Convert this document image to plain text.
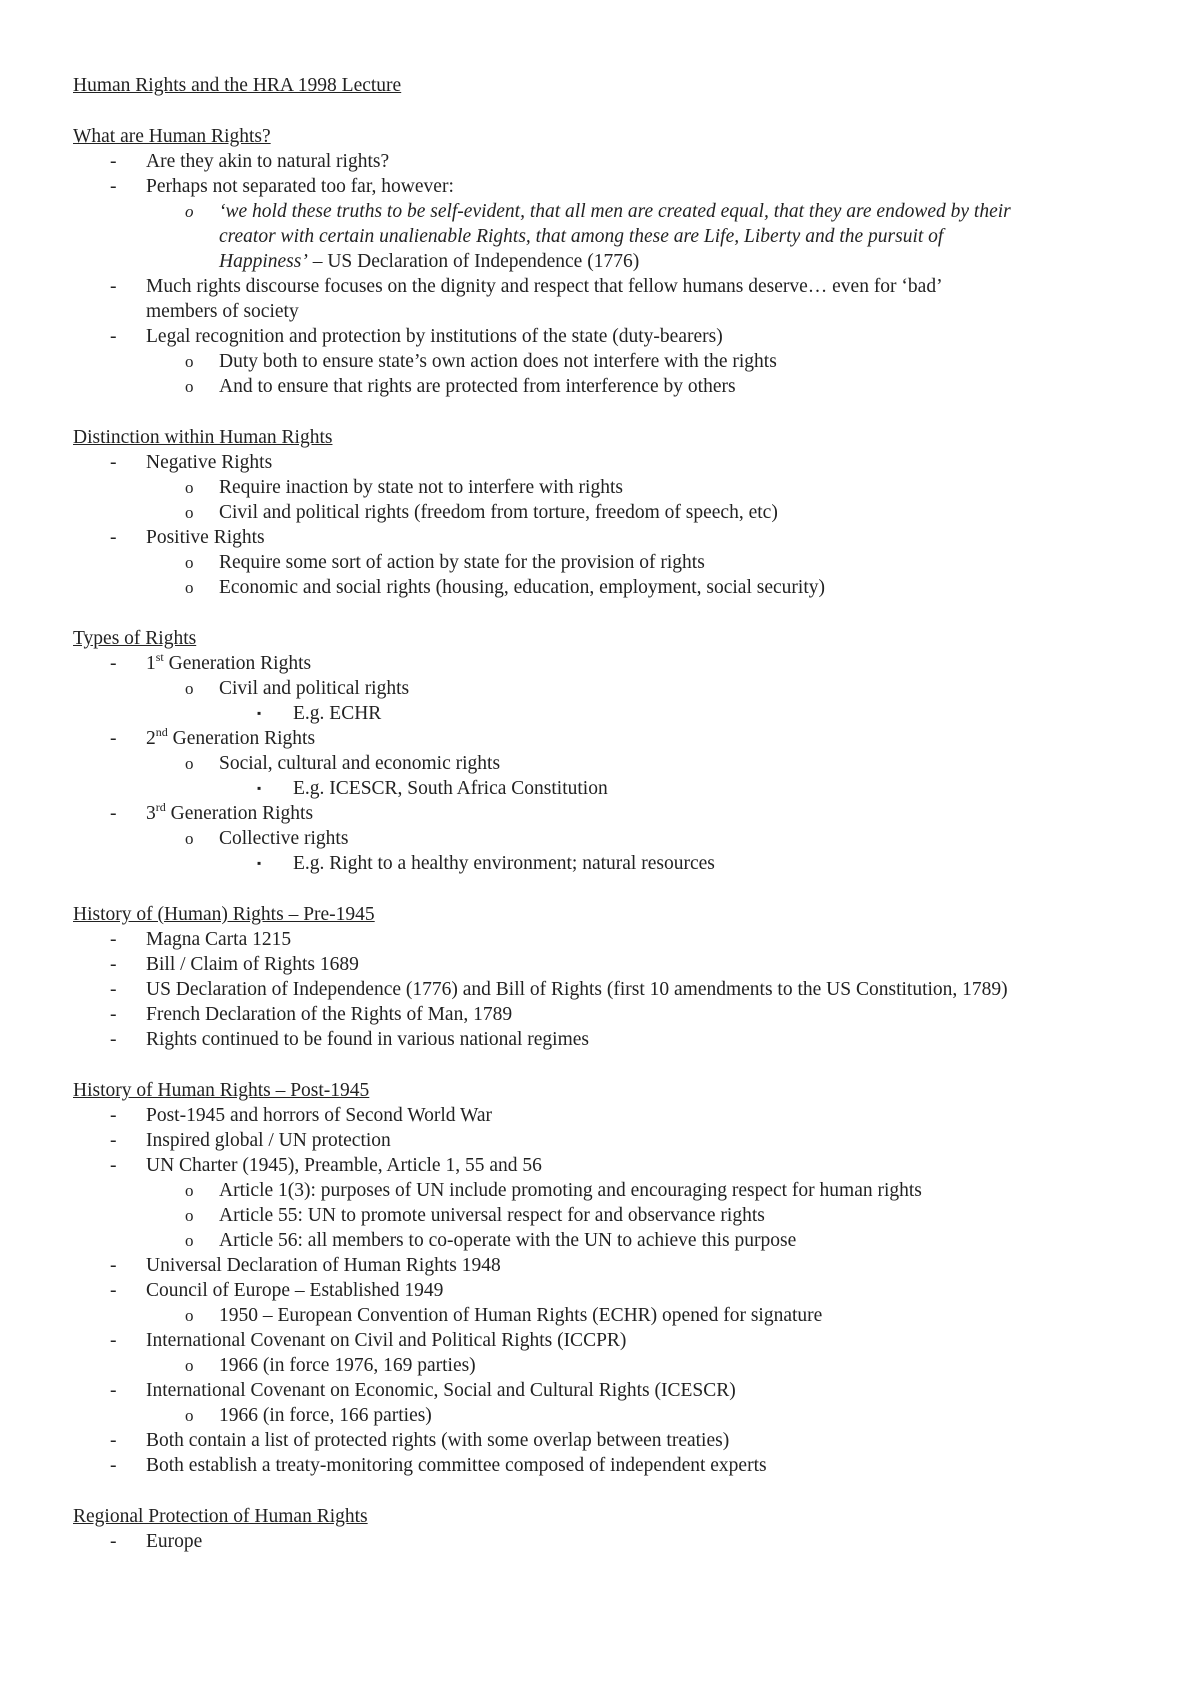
Human Rights and the HRA 1998 Lecture
What are Human Rights?
- Are they akin to natural rights?
- Perhaps not separated too far, however:
o ‘we hold these truths to be self-evident, that all men are created equal, that they are endowed by their
creator with certain unalienable Rights, that among these are Life, Liberty and the pursuit of
Happiness’ – US Declaration of Independence (1776)
- Much rights discourse focuses on the dignity and respect that fellow humans deserve… even for ‘bad’
members of society
- Legal recognition and protection by institutions of the state (duty-bearers)
o Duty both to ensure state’s own action does not interfere with the rights
o And to ensure that rights are protected from interference by others
Distinction within Human Rights
- Negative Rights
o Require inaction by state not to interfere with rights
o Civil and political rights (freedom from torture, freedom of speech, etc)
- Positive Rights
o Require some sort of action by state for the provision of rights
o Economic and social rights (housing, education, employment, social security)
Types of Rights
- 1st Generation Rights
o Civil and political rights
▪ E.g. ECHR
- 2nd Generation Rights
o Social, cultural and economic rights
▪ E.g. ICESCR, South Africa Constitution
- 3rd Generation Rights
o Collective rights
▪ E.g. Right to a healthy environment; natural resources
History of (Human) Rights – Pre-1945
- Magna Carta 1215
- Bill / Claim of Rights 1689
- US Declaration of Independence (1776) and Bill of Rights (first 10 amendments to the US Constitution, 1789)
- French Declaration of the Rights of Man, 1789
- Rights continued to be found in various national regimes
History of Human Rights – Post-1945
- Post-1945 and horrors of Second World War
- Inspired global / UN protection
- UN Charter (1945), Preamble, Article 1, 55 and 56
o Article 1(3): purposes of UN include promoting and encouraging respect for human rights
o Article 55: UN to promote universal respect for and observance rights
o Article 56: all members to co-operate with the UN to achieve this purpose
- Universal Declaration of Human Rights 1948
- Council of Europe – Established 1949
o 1950 – European Convention of Human Rights (ECHR) opened for signature
- International Covenant on Civil and Political Rights (ICCPR)
o 1966 (in force 1976, 169 parties)
- International Covenant on Economic, Social and Cultural Rights (ICESCR)
o 1966 (in force, 166 parties)
- Both contain a list of protected rights (with some overlap between treaties)
- Both establish a treaty-monitoring committee composed of independent experts
Regional Protection of Human Rights
- Europe
